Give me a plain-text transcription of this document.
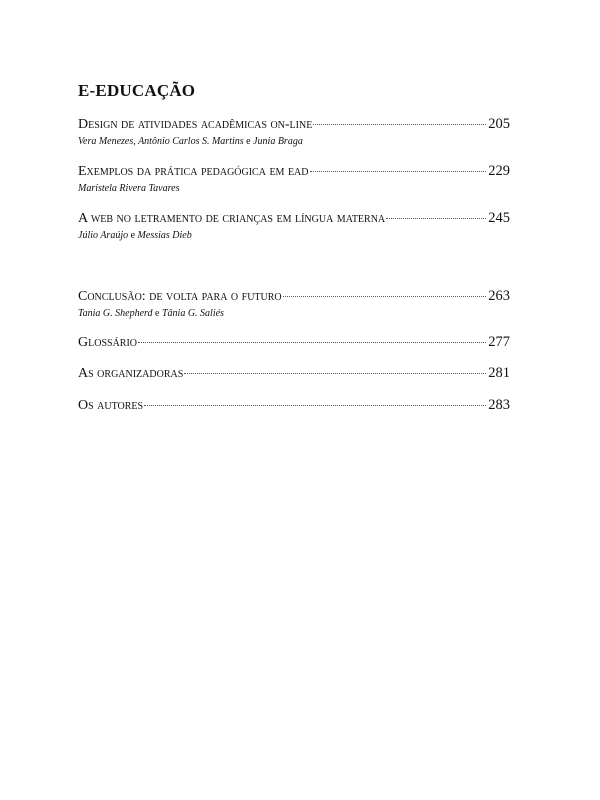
E-EDUCAÇÃO
Design de atividades acadêmicas on-line	205
Vera Menezes, Antônio Carlos S. Martins e Junia Braga
Exemplos da prática pedagógica em ead	229
Maristela Rivera Tavares
A web no letramento de crianças em língua materna	245
Júlio Araújo e Messias Dieb
Conclusão: de volta para o futuro	263
Tania G. Shepherd e Tânia G. Saliés
Glossário	277
As organizadoras	281
Os autores	283
